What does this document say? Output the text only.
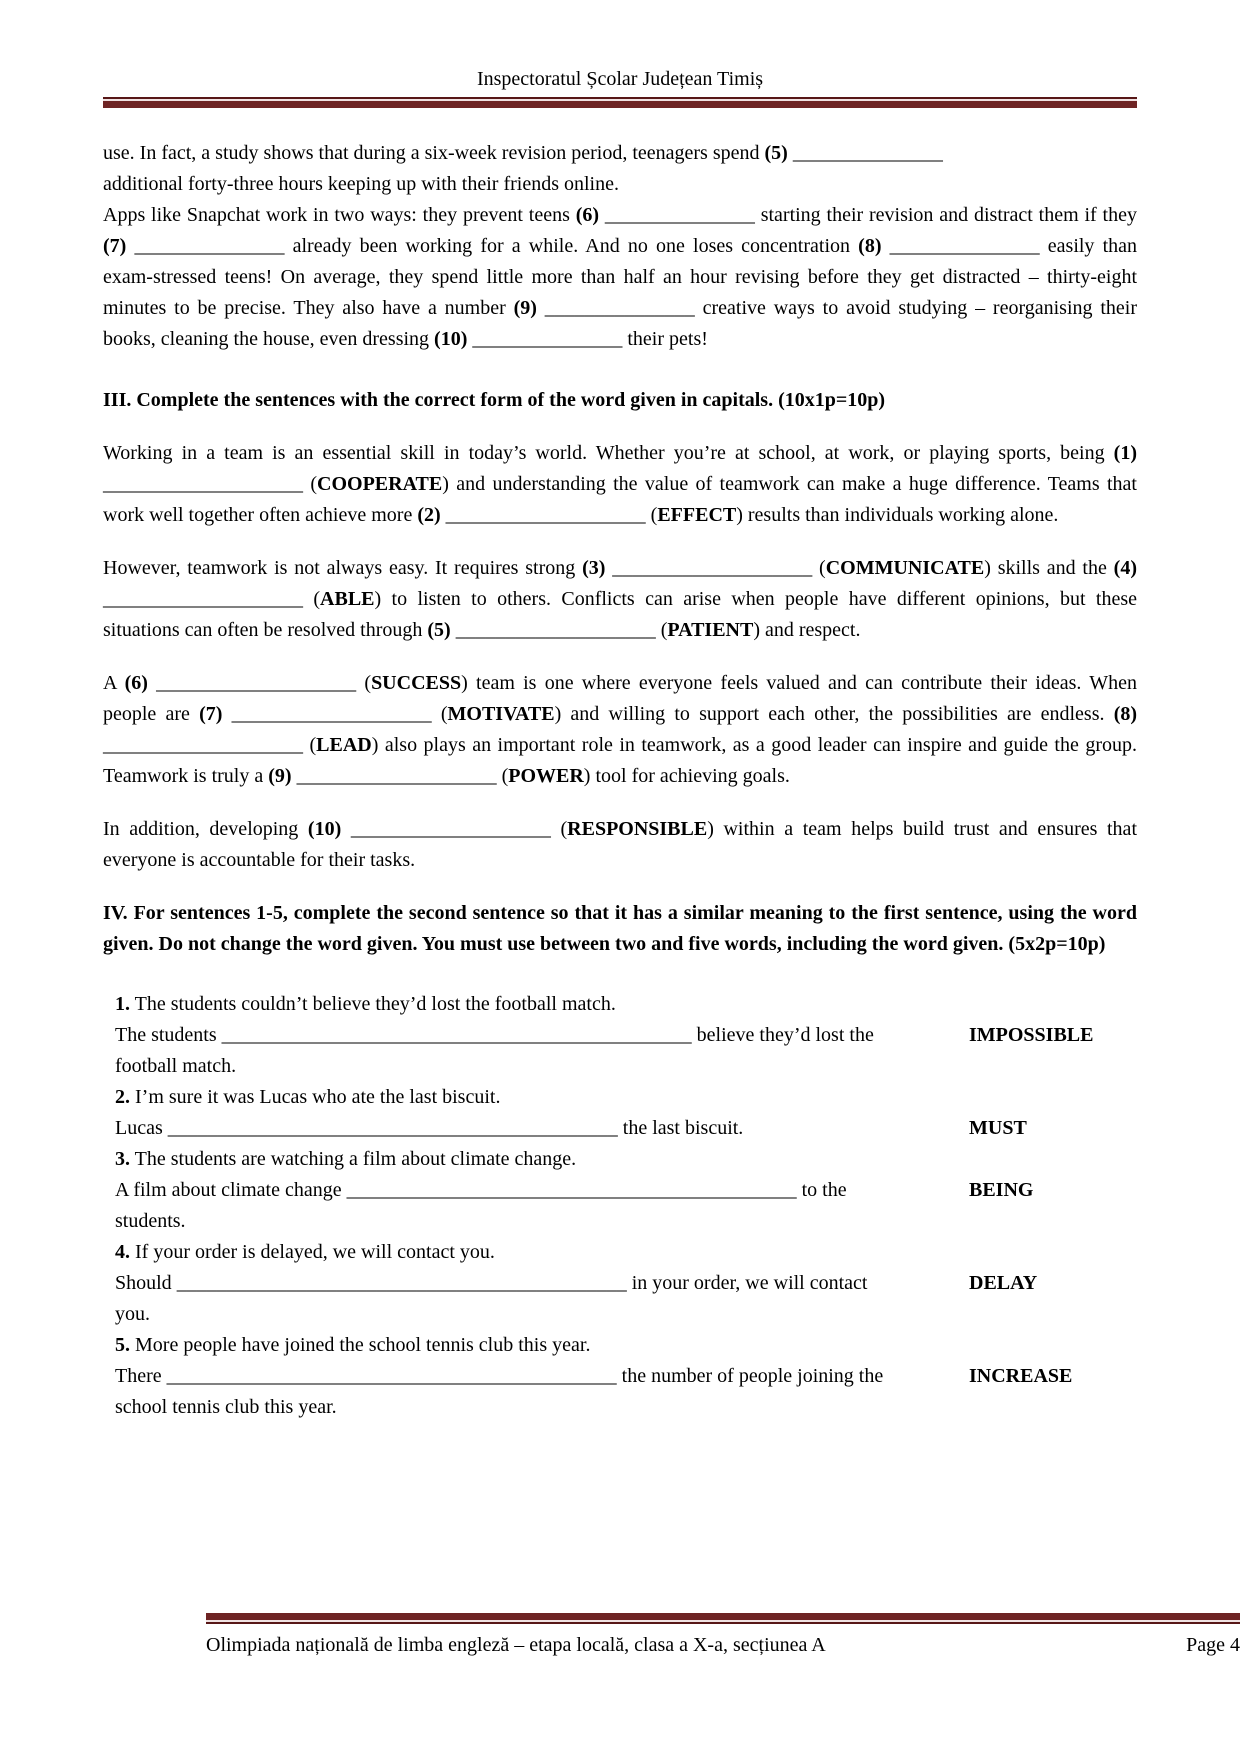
Inspectoratul Școlar Județean Timiș

use. In fact, a study shows that during a six-week revision period, teenagers spend (5) _______________
additional forty-three hours keeping up with their friends online.

Apps like Snapchat work in two ways: they prevent teens (6) _______________ starting their revision and distract them if they (7) _______________ already been working for a while. And no one loses concentration (8) _______________ easily than exam-stressed teens! On average, they spend little more than half an hour revising before they get distracted – thirty-eight minutes to be precise. They also have a number (9) _______________ creative ways to avoid studying – reorganising their books, cleaning the house, even dressing (10) _______________ their pets!

III. Complete the sentences with the correct form of the word given in capitals. (10x1p=10p)

Working in a team is an essential skill in today’s world. Whether you’re at school, at work, or playing sports, being (1) ____________________ (COOPERATE) and understanding the value of teamwork can make a huge difference. Teams that work well together often achieve more (2) ____________________ (EFFECT) results than individuals working alone.

However, teamwork is not always easy. It requires strong (3) ____________________ (COMMUNICATE) skills and the (4) ____________________ (ABLE) to listen to others. Conflicts can arise when people have different opinions, but these situations can often be resolved through (5) ____________________ (PATIENT) and respect.

A (6) ____________________ (SUCCESS) team is one where everyone feels valued and can contribute their ideas. When people are (7) ____________________ (MOTIVATE) and willing to support each other, the possibilities are endless. (8) ____________________ (LEAD) also plays an important role in teamwork, as a good leader can inspire and guide the group. Teamwork is truly a (9) ____________________ (POWER) tool for achieving goals.

In addition, developing (10) ____________________ (RESPONSIBLE) within a team helps build trust and ensures that everyone is accountable for their tasks.

IV. For sentences 1-5, complete the second sentence so that it has a similar meaning to the first sentence, using the word given. Do not change the word given. You must use between two and five words, including the word given. (5x2p=10p)

1. The students couldn’t believe they’d lost the football match.
The students _______________________________________________ believe they’d lost the	IMPOSSIBLE
football match.
2. I’m sure it was Lucas who ate the last biscuit.
Lucas _____________________________________________ the last biscuit.	MUST
3. The students are watching a film about climate change.
A film about climate change _____________________________________________ to the	BEING
students.
4. If your order is delayed, we will contact you.
Should _____________________________________________ in your order, we will contact	DELAY
you.
5. More people have joined the school tennis club this year.
There _____________________________________________ the number of people joining the	INCREASE
school tennis club this year.
Olimpiada națională de limba engleză – etapa locală, clasa a X-a, secțiunea A	Page 4
